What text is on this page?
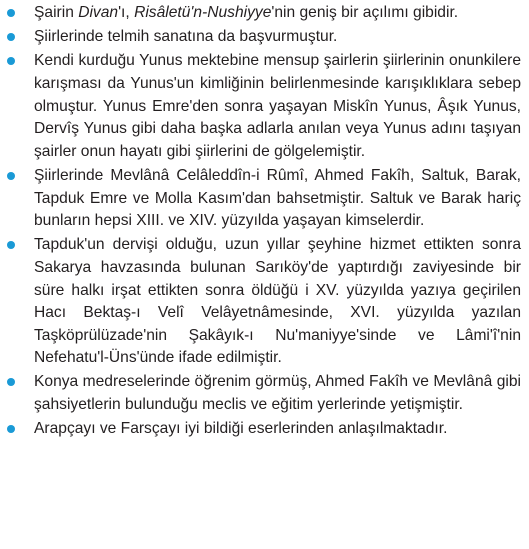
Şairin Divan'ı, Risâletü'n-Nushiyye'nin geniş bir açılımı gibidir.
Şiirlerinde telmih sanatına da başvurmuştur.
Kendi kurduğu Yunus mektebine mensup şairlerin şiirlerinin onunkilere karışması da Yunus'un kimliğinin belirlenmesinde karışıklıklara sebep olmuştur. Yunus Emre'den sonra yaşayan Miskîn Yunus, Âşık Yunus, Dervîş Yunus gibi daha başka adlarla anılan veya Yunus adını taşıyan şairler onun hayatı gibi şiirlerini de gölgelemiştir.
Şiirlerinde Mevlânâ Celâleddîn-i Rûmî, Ahmed Fakîh, Saltuk, Barak, Tapduk Emre ve Molla Kasım'dan bahsetmiştir. Saltuk ve Barak hariç bunların hepsi XIII. ve XIV. yüzyılda yaşayan kimselerdir.
Tapduk'un dervişi olduğu, uzun yıllar şeyhine hizmet ettikten sonra Sakarya havzasında bulunan Sarıköy'de yaptırdığı zaviyesinde bir süre halkı irşat ettikten sonra öldüğü i XV. yüzyılda yazıya geçirilen Hacı Bektaş-ı Velî Velâyetnâmesinde, XVI. yüzyılda yazılan Taşköprülüzade'nin Şakâyık-ı Nu'maniyye'sinde ve Lâmi'î'nin Nefehatu'l-Üns'ünde ifade edilmiştir.
Konya medreselerinde öğrenim görmüş, Ahmed Fakîh ve Mevlânâ gibi şahsiyetlerin bulunduğu meclis ve eğitim yerlerinde yetişmiştir.
Arapçayı ve Farsçayı iyi bildiği eserlerinden anlaşılmaktadır.
